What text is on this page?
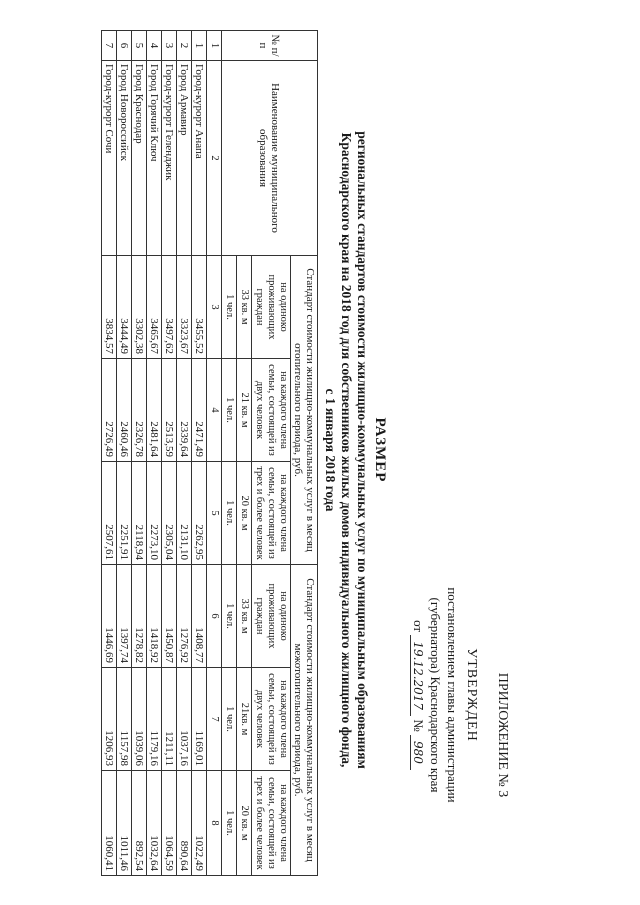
ПРИЛОЖЕНИЕ № 3
УТВЕРЖДЕН
постановлением главы администрации
(губернатора) Краснодарского края
от 19.12.2017 № 980
РАЗМЕР
региональных стандартов стоимости жилищно-коммунальных услуг по муниципальным образованиям
Краснодарского края на 2018 год для собственников жилых домов индивидуального жилищного фонда,
с 1 января 2018 года
№ п/п	Наименование муниципального образования	Стандарт стоимости жилищно-коммунальных услуг в месяц отопительного периода, руб.			Стандарт стоимости жилищно-коммунальных услуг в месяц межотопительного периода, руб.		
		на одиноко проживающих граждан	на каждого члена семьи, состоящей из двух человек	на каждого члена семьи, состоящей из трех и более человек	на одиноко проживающих граждан	на каждого члена семьи, состоящей из двух человек	на каждого члена семьи, состоящей из трех и более человек
		33 кв. м	21 кв. м	20 кв. м	33 кв. м	21кв. м	20 кв. м
		1 чел.	1 чел.	1 чел.	1 чел.	1 чел.	1 чел.
1	2	3	4	5	6	7	8
1	Город-курорт Анапа	3455,52	2471,49	2262,95	1408,77	1169,01	1022,49
2	Город Армавир	3323,67	2339,64	2131,10	1276,92	1037,16	890,64
3	Город-курорт Геленджик	3497,62	2513,59	2305,04	1450,87	1211,11	1064,59
4	Город Горячий Ключ	3465,67	2481,64	2273,10	1418,92	1179,16	1032,64
5	Город Краснодар	3302,38	2326,78	2118,94	1278,82	1039,06	892,54
6	Город Новороссийск	3444,49	2460,46	2251,91	1397,74	1157,98	1011,46
7	Город-курорт Сочи	3834,57	2726,49	2507,61	1446,69	1206,93	1060,41
